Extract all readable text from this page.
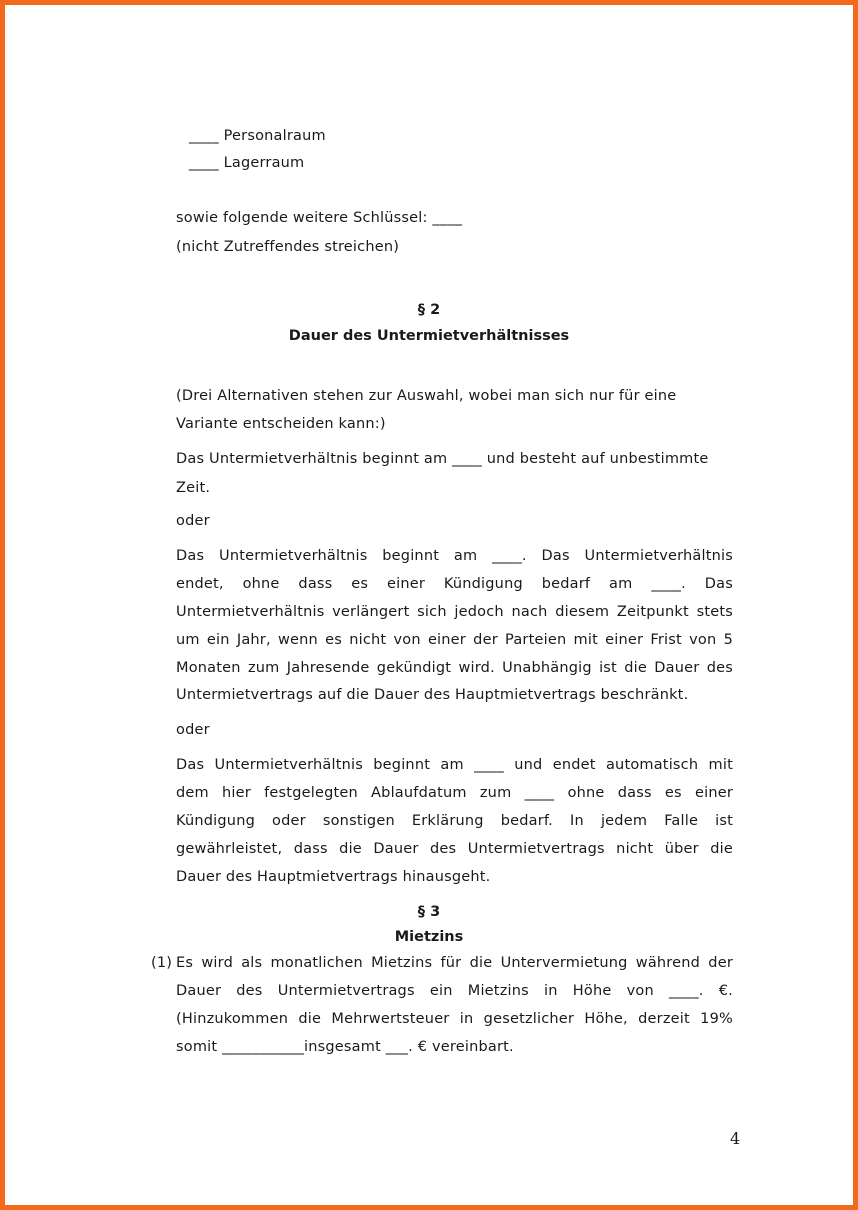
____ Personalraum
____ Lagerraum
sowie folgende weitere Schlüssel: ____
(nicht Zutreffendes streichen)
§ 2
Dauer des Untermietverhältnisses
(Drei Alternativen stehen zur Auswahl, wobei man sich nur für eine
Variante entscheiden kann:)
Das Untermietverhältnis beginnt am ____ und besteht auf unbestimmte
Zeit.
oder
Das Untermietverhältnis beginnt am ____. Das Untermietverhältnis
endet, ohne dass es einer Kündigung bedarf am ____. Das
Untermietverhältnis verlängert sich jedoch nach diesem Zeitpunkt stets
um ein Jahr, wenn es nicht von einer der Parteien mit einer Frist von 5
Monaten zum Jahresende gekündigt wird. Unabhängig ist die Dauer des
Untermietvertrags auf die Dauer des Hauptmietvertrags beschränkt.
oder
Das Untermietverhältnis beginnt am ____ und endet automatisch mit
dem hier festgelegten Ablaufdatum zum ____ ohne dass es einer
Kündigung oder sonstigen Erklärung bedarf. In jedem Falle ist
gewährleistet, dass die Dauer des Untermietvertrags nicht über die
Dauer des Hauptmietvertrags hinausgeht.
§ 3
Mietzins
(1) Es wird als monatlichen Mietzins für die Untervermietung während der
Dauer des Untermietvertrags ein Mietzins in Höhe von ____. €.
(Hinzukommen die Mehrwertsteuer in gesetzlicher Höhe, derzeit 19%
somit ___________insgesamt ___. € vereinbart.
4
